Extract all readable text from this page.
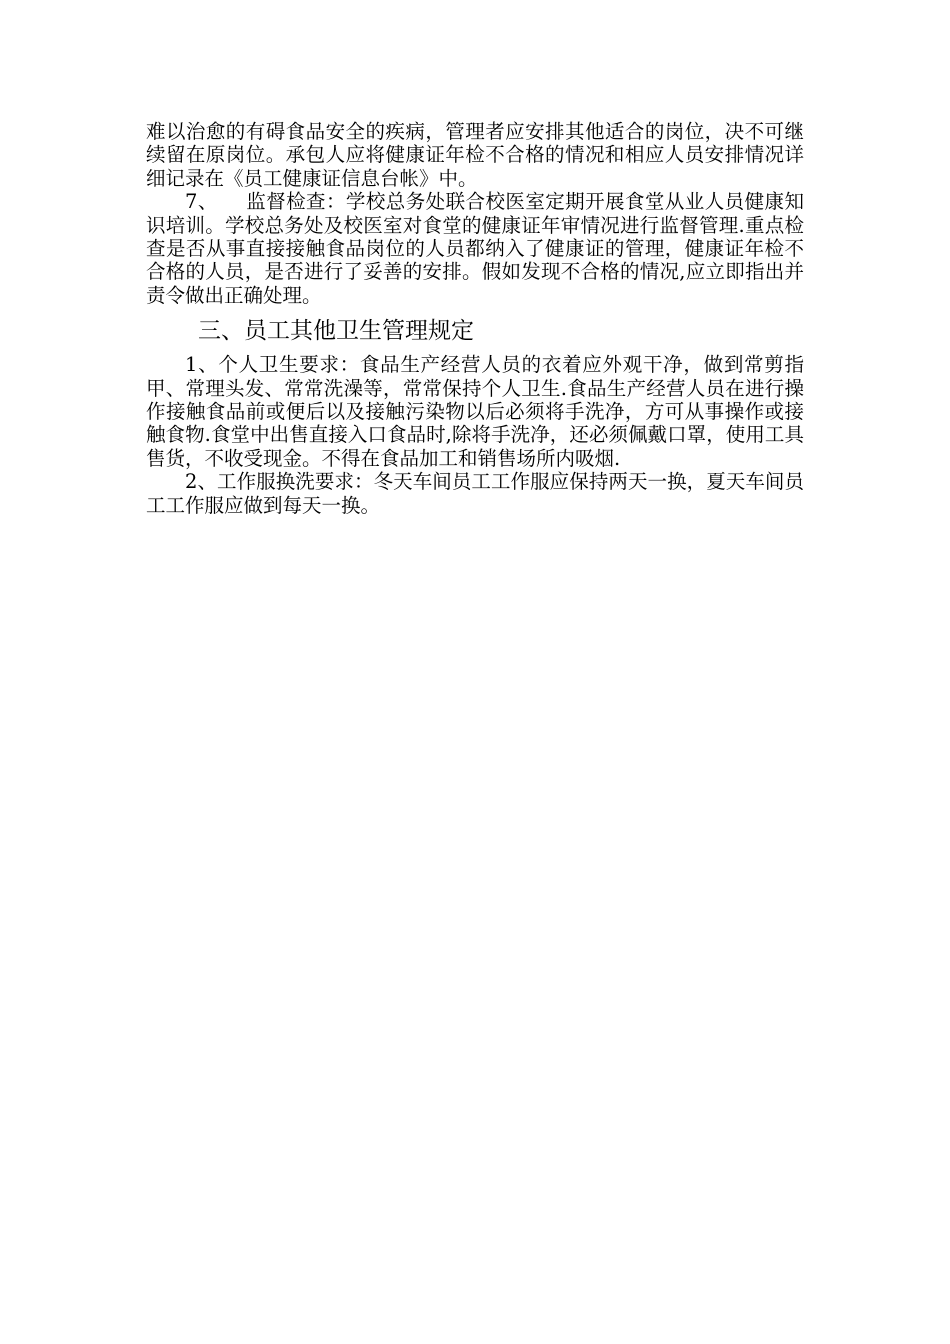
难以治愈的有碍食品安全的疾病，管理者应安排其他适合的岗位，决不可继续留在原岗位。承包人应将健康证年检不合格的情况和相应人员安排情况详细记录在《员工健康证信息台帐》中。

7、 监督检查：学校总务处联合校医室定期开展食堂从业人员健康知识培训。学校总务处及校医室对食堂的健康证年审情况进行监督管理.重点检查是否从事直接接触食品岗位的人员都纳入了健康证的管理，健康证年检不合格的人员，是否进行了妥善的安排。假如发现不合格的情况,应立即指出并责令做出正确处理。

三、员工其他卫生管理规定

1、个人卫生要求：食品生产经营人员的衣着应外观干净，做到常剪指甲、常理头发、常常洗澡等，常常保持个人卫生.食品生产经营人员在进行操作接触食品前或便后以及接触污染物以后必须将手洗净，方可从事操作或接触食物.食堂中出售直接入口食品时,除将手洗净，还必须佩戴口罩，使用工具售货，不收受现金。不得在食品加工和销售场所内吸烟.

2、工作服换洗要求：冬天车间员工工作服应保持两天一换，夏天车间员工工作服应做到每天一换。
